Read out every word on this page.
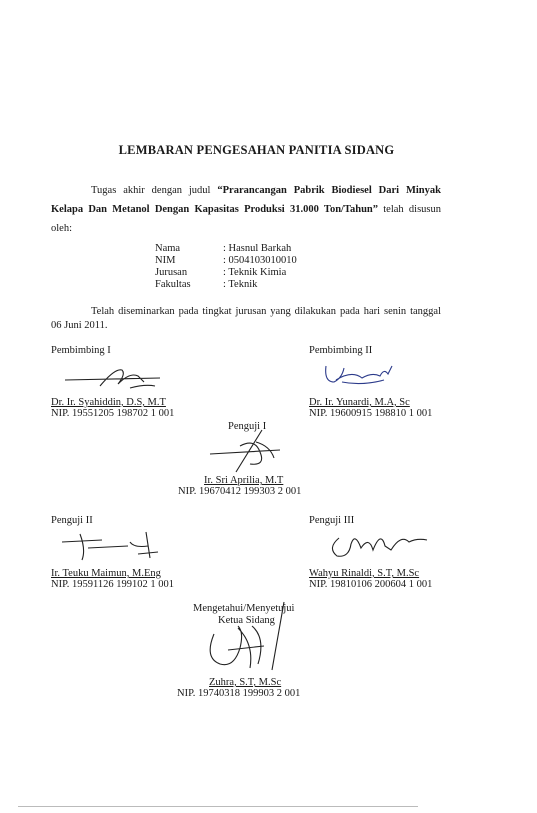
LEMBARAN PENGESAHAN PANITIA SIDANG
Tugas akhir dengan judul “Prarancangan Pabrik Biodiesel Dari Minyak Kelapa Dan Metanol Dengan Kapasitas Produksi 31.000 Ton/Tahun” telah disusun oleh:
Nama	: Hasnul Barkah
NIM	: 0504103010010
Jurusan	: Teknik Kimia
Fakultas	: Teknik
Telah diseminarkan pada tingkat jurusan yang dilakukan pada hari senin tanggal 06 Juni 2011.
Pembimbing I
Dr. Ir. Syahiddin, D.S, M.T
NIP. 19551205 198702 1 001
Pembimbing II
Dr. Ir. Yunardi, M.A, Sc
NIP. 19600915 198810 1 001
Penguji I
Ir. Sri Aprilia, M.T
NIP. 19670412 199303 2 001
Penguji II
Ir. Teuku Maimun, M.Eng
NIP. 19591126 199102 1 001
Penguji III
Wahyu Rinaldi, S.T, M.Sc
NIP. 19810106 200604 1 001
Mengetahui/Menyetujui
Ketua Sidang
Zuhra, S.T, M.Sc
NIP. 19740318 199903 2 001
